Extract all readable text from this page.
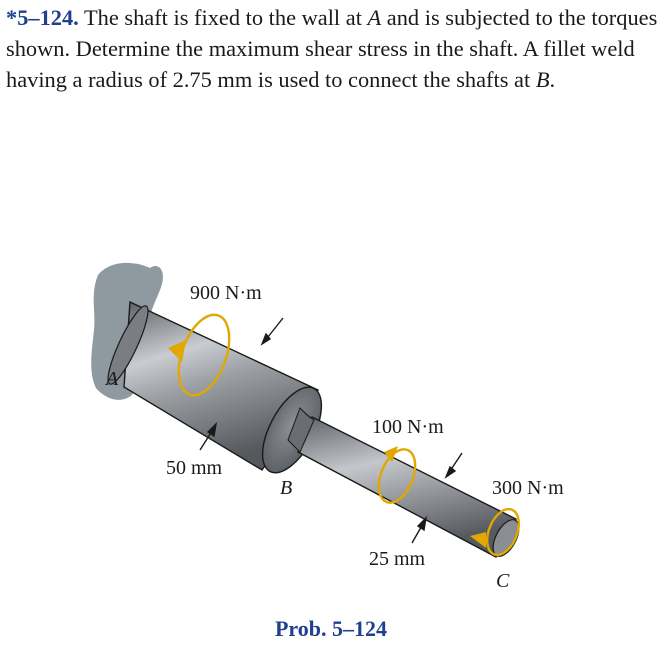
*5–124. The shaft is fixed to the wall at A and is subjected to the torques shown. Determine the maximum shear stress in the shaft. A fillet weld having a radius of 2.75 mm is used to connect the shafts at B.

900 N·m
100 N·m
300 N·m
50 mm
25 mm
A
B
C
Prob. 5–124
